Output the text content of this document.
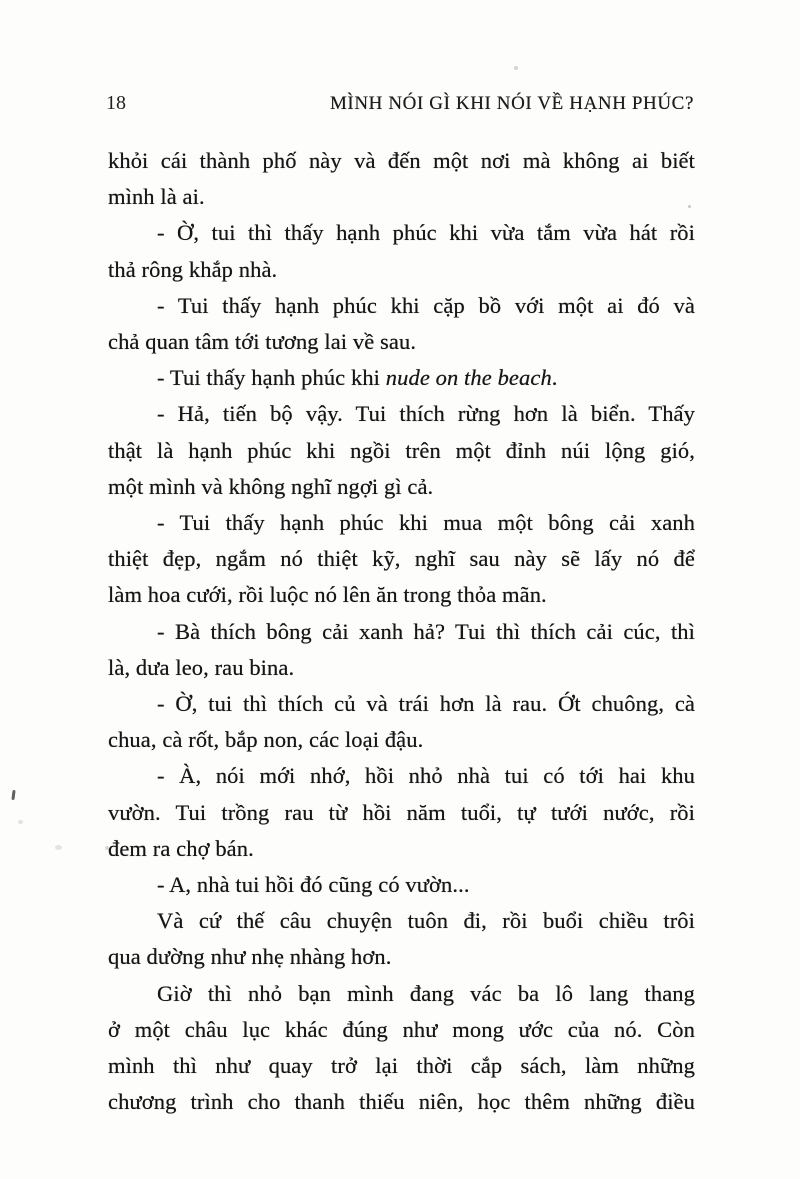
18	MÌNH NÓI GÌ KHI NÓI VỀ HẠNH PHÚC?
khỏi cái thành phố này và đến một nơi mà không ai biết
mình là ai.
- Ờ, tui thì thấy hạnh phúc khi vừa tắm vừa hát rồi
thả rông khắp nhà.
- Tui thấy hạnh phúc khi cặp bồ với một ai đó và
chả quan tâm tới tương lai về sau.
- Tui thấy hạnh phúc khi nude on the beach.
- Hả, tiến bộ vậy. Tui thích rừng hơn là biển. Thấy
thật là hạnh phúc khi ngồi trên một đỉnh núi lộng gió,
một mình và không nghĩ ngợi gì cả.
- Tui thấy hạnh phúc khi mua một bông cải xanh
thiệt đẹp, ngắm nó thiệt kỹ, nghĩ sau này sẽ lấy nó để
làm hoa cưới, rồi luộc nó lên ăn trong thỏa mãn.
- Bà thích bông cải xanh hả? Tui thì thích cải cúc, thì
là, dưa leo, rau bina.
- Ờ, tui thì thích củ và trái hơn là rau. Ớt chuông, cà
chua, cà rốt, bắp non, các loại đậu.
- À, nói mới nhớ, hồi nhỏ nhà tui có tới hai khu
vườn. Tui trồng rau từ hồi năm tuổi, tự tưới nước, rồi
đem ra chợ bán.
- A, nhà tui hồi đó cũng có vườn...
Và cứ thế câu chuyện tuôn đi, rồi buổi chiều trôi
qua dường như nhẹ nhàng hơn.
Giờ thì nhỏ bạn mình đang vác ba lô lang thang
ở một châu lục khác đúng như mong ước của nó. Còn
mình thì như quay trở lại thời cắp sách, làm những
chương trình cho thanh thiếu niên, học thêm những điều
